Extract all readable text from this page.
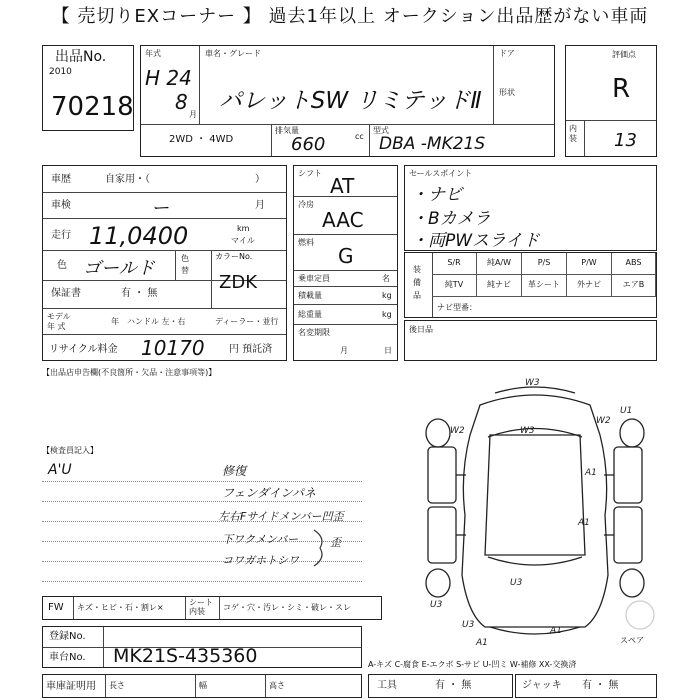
【 売切りEXコーナー 】 過去1年以上 オークション出品歴がない車両
出品No.
2010
70218
年式
H 24
8
月
車名・グレード
パレットSW リミテッドⅡ
ドア
形状
2WD ・ 4WD
排気量
660	cc
型式
DBA -MK21S
評価点
R
内装 13
車歴	自家用・（	）
車検	ー	月
走行 11,0400	km
マイル
色 ゴールド	色
替
カラーNo.
ZDK
保証書	有 ・ 無
モデル
年 式
年 ハンドル 左・右	ディーラー・並行
リサイクル料金 10170 円 預託済
シフト
AT
冷房
AAC
燃料
G
乗車定員	名
積載量	kg
総重量	kg
名変期限
月	日
セールスポイント
・ナビ
・Bカメラ
・両PWスライド
装備品
S/R	純A/W	P/S	P/W	ABS
純TV	純ナビ	革シート	外ナビ	エアB
ナビ型番：
後日品
【出品店申告欄(不良箇所・欠品・注意事項等)】
【検査員記入】
A'U	修復
フェンダインパネ
左右Fサイドメンバー凹歪
下ワクメンバー
コワガホトシワ
歪
FW キズ・ヒビ・石・割レ×
シート内装	コゲ・穴・汚レ・シミ・破レ・スレ
登録No.
車台No. MK21S-435360	A-キズ C-腐食 E-エクボ S-サビ U-凹ミ W-補修 XX-交換済
車庫証明用 長さ	幅	高さ	工具	有 ・ 無	ジャッキ 有 ・ 無
W3
W2
U1
A1
U3
W3
A1
U3
U3
A1
W2
A1	スペア
